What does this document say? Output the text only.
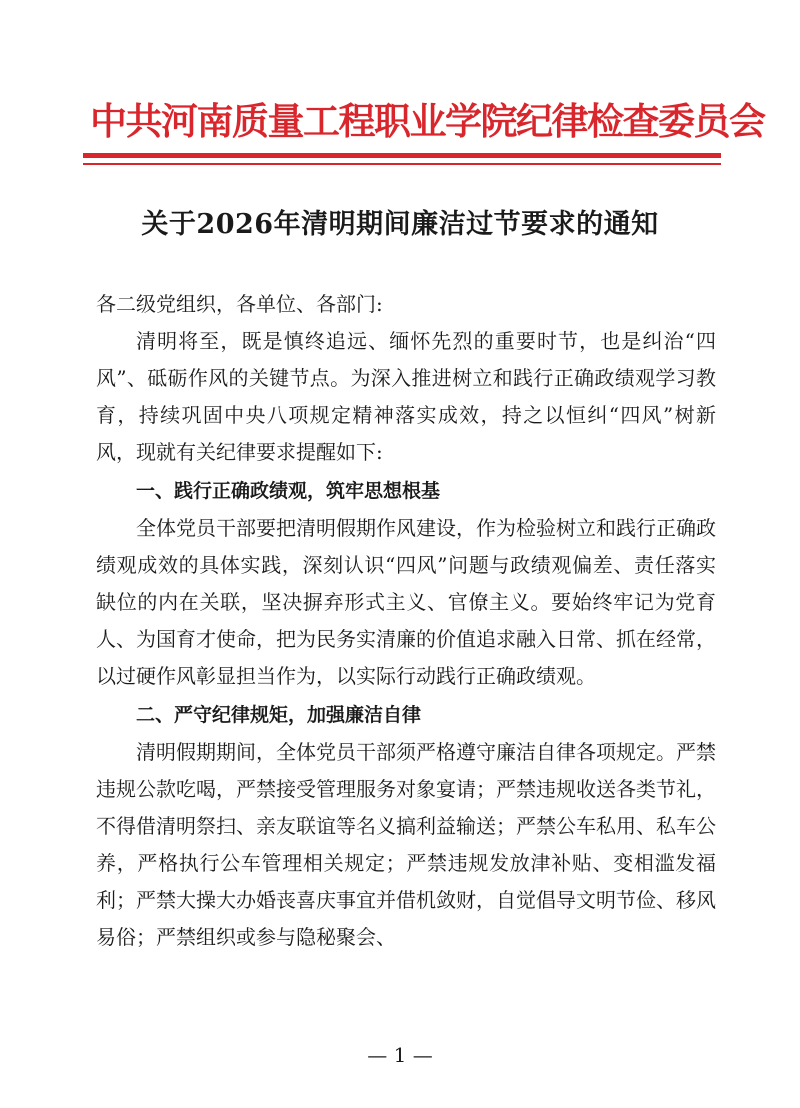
中共河南质量工程职业学院纪律检查委员会
关于2026年清明期间廉洁过节要求的通知

各二级党组织，各单位、各部门:

清明将至，既是慎终追远、缅怀先烈的重要时节，也是纠治“四风”、砥砺作风的关键节点。为深入推进树立和践行正确政绩观学习教育，持续巩固中央八项规定精神落实成效，持之以恒纠“四风”树新风，现就有关纪律要求提醒如下:

一、践行正确政绩观，筑牢思想根基

全体党员干部要把清明假期作风建设，作为检验树立和践行正确政绩观成效的具体实践，深刻认识“四风”问题与政绩观偏差、责任落实缺位的内在关联，坚决摒弃形式主义、官僚主义。要始终牢记为党育人、为国育才使命，把为民务实清廉的价值追求融入日常、抓在经常，以过硬作风彰显担当作为，以实际行动践行正确政绩观。

二、严守纪律规矩，加强廉洁自律

清明假期期间，全体党员干部须严格遵守廉洁自律各项规定。严禁违规公款吃喝，严禁接受管理服务对象宴请；严禁违规收送各类节礼，不得借清明祭扫、亲友联谊等名义搞利益输送；严禁公车私用、私车公养，严格执行公车管理相关规定；严禁违规发放津补贴、变相滥发福利；严禁大操大办婚丧喜庆事宜并借机敛财，自觉倡导文明节俭、移风易俗；严禁组织或参与隐秘聚会、

— 1 —
